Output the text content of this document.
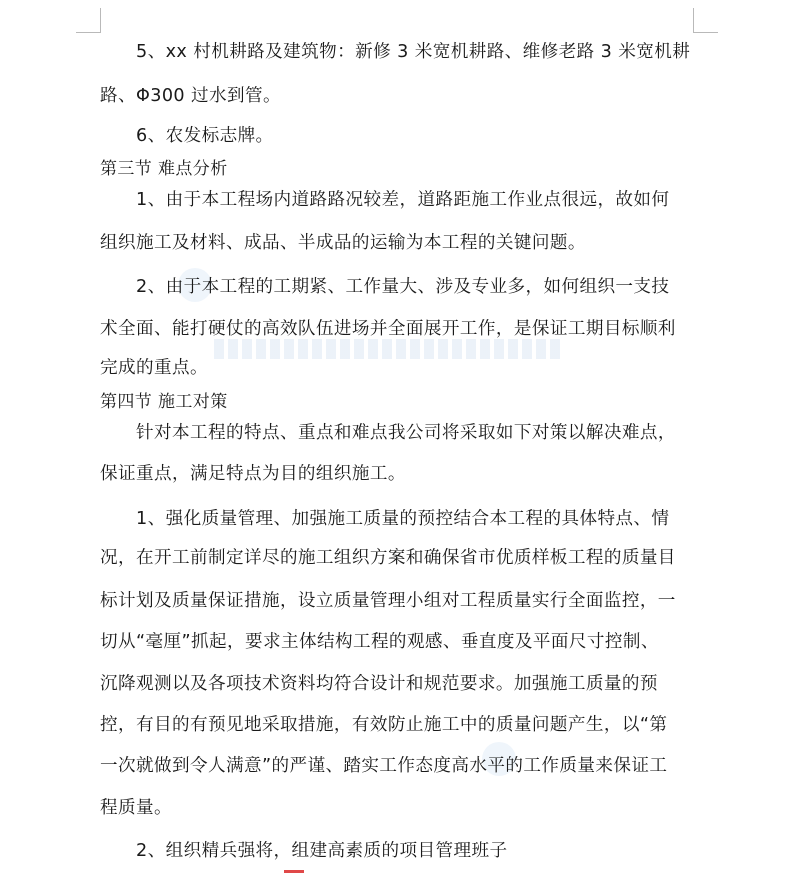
5、xx 村机耕路及建筑物：新修 3 米宽机耕路、维修老路 3 米宽机耕
路、Φ300 过水到管。
6、农发标志牌。
第三节 难点分析
1、由于本工程场内道路路况较差，道路距施工作业点很远，故如何
组织施工及材料、成品、半成品的运输为本工程的关键问题。
2、由于本工程的工期紧、工作量大、涉及专业多，如何组织一支技
术全面、能打硬仗的高效队伍进场并全面展开工作，是保证工期目标顺利
完成的重点。
第四节 施工对策
针对本工程的特点、重点和难点我公司将采取如下对策以解决难点，
保证重点，满足特点为目的组织施工。
1、强化质量管理、加强施工质量的预控结合本工程的具体特点、情
况，在开工前制定详尽的施工组织方案和确保省市优质样板工程的质量目
标计划及质量保证措施，设立质量管理小组对工程质量实行全面监控，一
切从“毫厘”抓起，要求主体结构工程的观感、垂直度及平面尺寸控制、
沉降观测以及各项技术资料均符合设计和规范要求。加强施工质量的预
控，有目的有预见地采取措施，有效防止施工中的质量问题产生，以“第
一次就做到令人满意”的严谨、踏实工作态度高水平的工作质量来保证工
程质量。
2、组织精兵强将，组建高素质的项目管理班子
